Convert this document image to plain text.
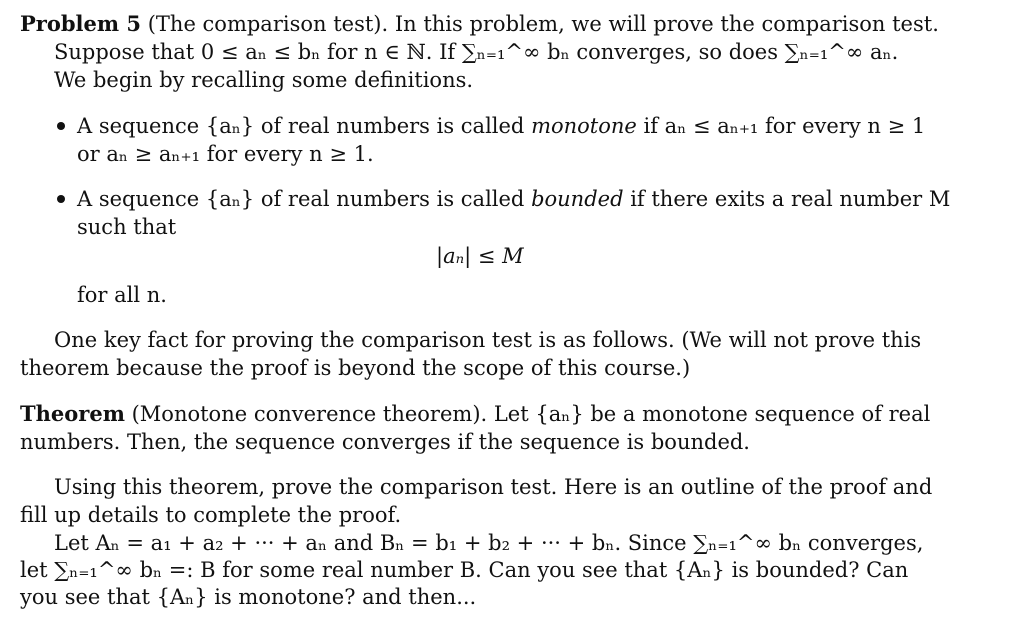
Problem 5 (The comparison test). In this problem, we will prove the comparison test.
Suppose that 0 ≤ aₙ ≤ bₙ for n ∈ ℕ. If ∑ₙ₌₁^∞ bₙ converges, so does ∑ₙ₌₁^∞ aₙ.
We begin by recalling some definitions.
A sequence {aₙ} of real numbers is called monotone if aₙ ≤ aₙ₊₁ for every n ≥ 1
or aₙ ≥ aₙ₊₁ for every n ≥ 1.
A sequence {aₙ} of real numbers is called bounded if there exits a real number M
such that
|aₙ| ≤ M
for all n.
One key fact for proving the comparison test is as follows. (We will not prove this
theorem because the proof is beyond the scope of this course.)
Theorem (Monotone converence theorem). Let {aₙ} be a monotone sequence of real
numbers. Then, the sequence converges if the sequence is bounded.
Using this theorem, prove the comparison test. Here is an outline of the proof and
fill up details to complete the proof.
Let Aₙ = a₁ + a₂ + ··· + aₙ and Bₙ = b₁ + b₂ + ··· + bₙ. Since ∑ₙ₌₁^∞ bₙ converges,
let ∑ₙ₌₁^∞ bₙ =: B for some real number B. Can you see that {Aₙ} is bounded? Can
you see that {Aₙ} is monotone? and then...
